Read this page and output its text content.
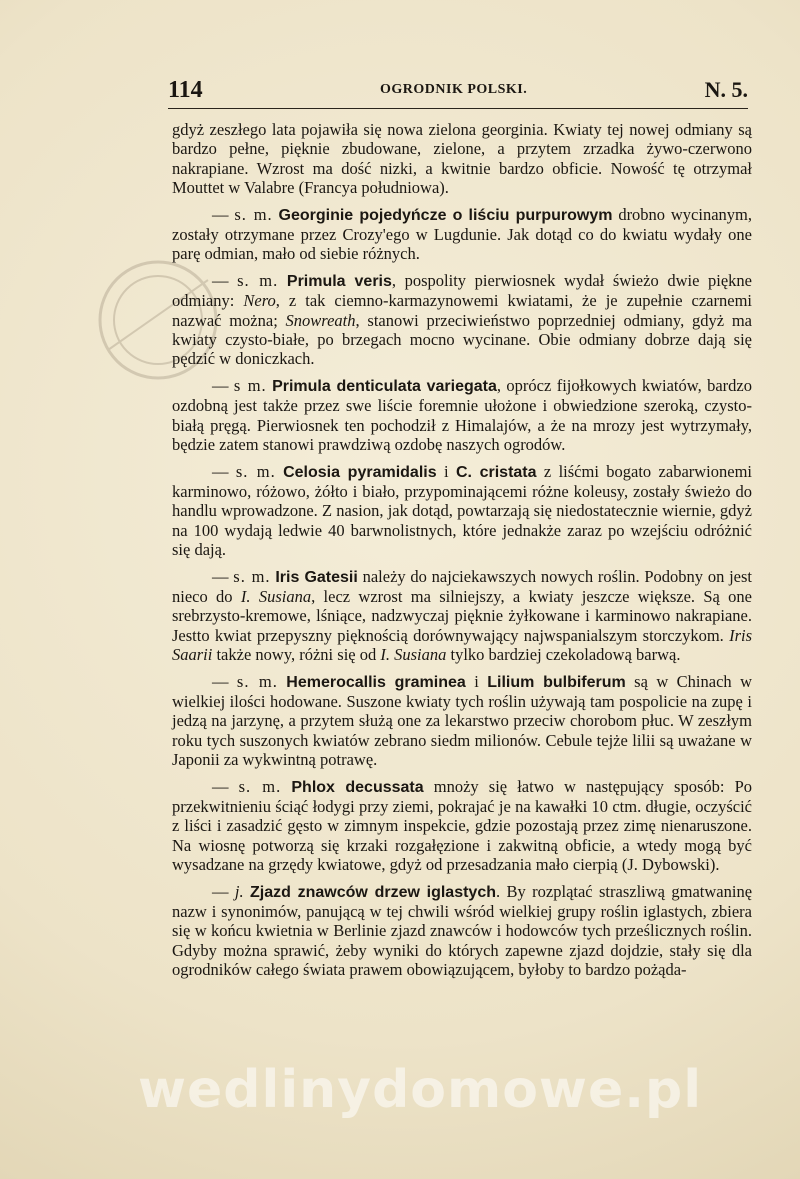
114	OGRODNIK POLSKI.	N. 5.
gdyż zeszłego lata pojawiła się nowa zielona georginia. Kwiaty tej nowej odmiany są bardzo pełne, pięknie zbudowane, zielone, a przytem zrzadka żywo-czerwono nakrapiane. Wzrost ma dość nizki, a kwitnie bardzo obficie. Nowość tę otrzymał Mouttet w Valabre (Francya południowa).
— s. m. Georginie pojedyńcze o liściu purpurowym drobno wycinanym, zostały otrzymane przez Crozy'ego w Lugdunie. Jak dotąd co do kwiatu wydały one parę odmian, mało od siebie różnych.
— s. m. Primula veris, pospolity pierwiosnek wydał świeżo dwie piękne odmiany: Nero, z tak ciemno-karmazynowemi kwiatami, że je zupełnie czarnemi nazwać można; Snowreath, stanowi przeciwieństwo poprzedniej odmiany, gdyż ma kwiaty czysto-białe, po brzegach mocno wycinane. Obie odmiany dobrze dają się pędzić w doniczkach.
— s m. Primula denticulata variegata, oprócz fijołkowych kwiatów, bardzo ozdobną jest także przez swe liście foremnie ułożone i obwiedzione szeroką, czysto-białą pręgą. Pierwiosnek ten pochodził z Himalajów, a że na mrozy jest wytrzymały, będzie zatem stanowi prawdziwą ozdobę naszych ogrodów.
— s. m. Celosia pyramidalis i C. cristata z liśćmi bogato zabarwionemi karminowo, różowo, żółto i biało, przypominającemi różne koleusy, zostały świeżo do handlu wprowadzone. Z nasion, jak dotąd, powtarzają się niedostatecznie wiernie, gdyż na 100 wydają ledwie 40 barwnolistnych, które jednakże zaraz po wzejściu odróżnić się dają.
— s. m. Iris Gatesii należy do najciekawszych nowych roślin. Podobny on jest nieco do I. Susiana, lecz wzrost ma silniejszy, a kwiaty jeszcze większe. Są one srebrzysto-kremowe, lśniące, nadzwyczaj pięknie żyłkowane i karminowo nakrapiane. Jestto kwiat przepyszny pięknością dorównywający najwspanialszym storczykom. Iris Saarii także nowy, różni się od I. Susiana tylko bardziej czekoladową barwą.
— s. m. Hemerocallis graminea i Lilium bulbiferum są w Chinach w wielkiej ilości hodowane. Suszone kwiaty tych roślin używają tam pospolicie na zupę i jedzą na jarzynę, a przytem służą one za lekarstwo przeciw chorobom płuc. W zeszłym roku tych suszonych kwiatów zebrano siedm milionów. Cebule tejże lilii są uważane w Japonii za wykwintną potrawę.
— s. m. Phlox decussata mnoży się łatwo w następujący sposób: Po przekwitnieniu ściąć łodygi przy ziemi, pokrajać je na kawałki 10 ctm. długie, oczyścić z liści i zasadzić gęsto w zimnym inspekcie, gdzie pozostają przez zimę nienaruszone. Na wiosnę potworzą się krzaki rozgałęzione i zakwitną obficie, a wtedy mogą być wysadzane na grzędy kwiatowe, gdyż od przesadzania mało cierpią (J. Dybowski).
— j. Zjazd znawców drzew iglastych. By rozplątać straszliwą gmatwaninę nazw i synonimów, panującą w tej chwili wśród wielkiej grupy roślin iglastych, zbiera się w końcu kwietnia w Berlinie zjazd znawców i hodowców tych prześlicznych roślin. Gdyby można sprawić, żeby wyniki do których zapewne zjazd dojdzie, stały się dla ogrodników całego świata prawem obowiązującem, byłoby to bardzo pożąda-
wedlinydomowe.pl
